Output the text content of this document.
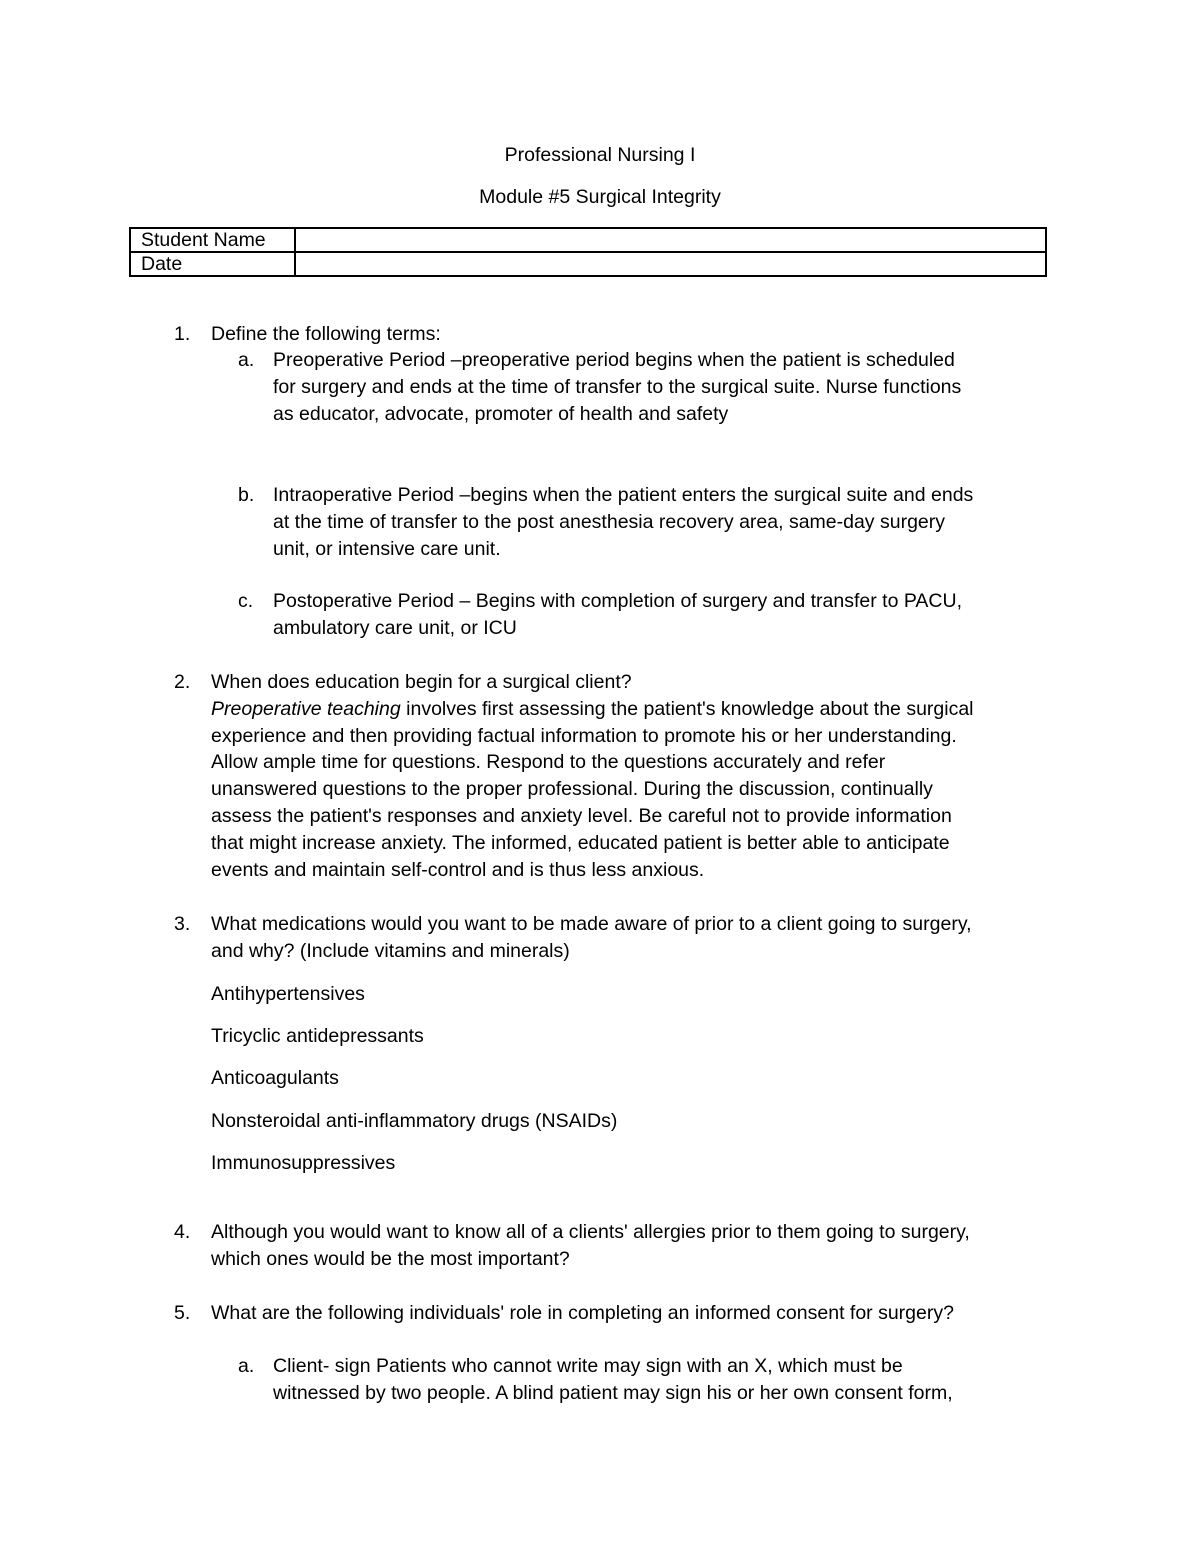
Professional Nursing I
Module #5 Surgical Integrity
Student Name	
Date	
1.	Define the following terms:
a. Preoperative Period –preoperative period begins when the patient is scheduled
for surgery and ends at the time of transfer to the surgical suite. Nurse functions
as educator, advocate, promoter of health and safety
b. Intraoperative Period –begins when the patient enters the surgical suite and ends
at the time of transfer to the post anesthesia recovery area, same-day surgery
unit, or intensive care unit.
c.	Postoperative Period – Begins with completion of surgery and transfer to PACU,
ambulatory care unit, or ICU
2.	When does education begin for a surgical client?
Preoperative teaching involves first assessing the patient's knowledge about the surgical
experience and then providing factual information to promote his or her understanding.
Allow ample time for questions. Respond to the questions accurately and refer
unanswered questions to the proper professional. During the discussion, continually
assess the patient's responses and anxiety level. Be careful not to provide information
that might increase anxiety. The informed, educated patient is better able to anticipate
events and maintain self-control and is thus less anxious.
3.	What medications would you want to be made aware of prior to a client going to surgery,
and why? (Include vitamins and minerals)
Antihypertensives
Tricyclic antidepressants
Anticoagulants
Nonsteroidal anti-inflammatory drugs (NSAIDs)
Immunosuppressives
4.	Although you would want to know all of a clients' allergies prior to them going to surgery,
which ones would be the most important?
5.	What are the following individuals' role in completing an informed consent for surgery?
a. Client- sign Patients who cannot write may sign with an X, which must be
witnessed by two people. A blind patient may sign his or her own consent form,
